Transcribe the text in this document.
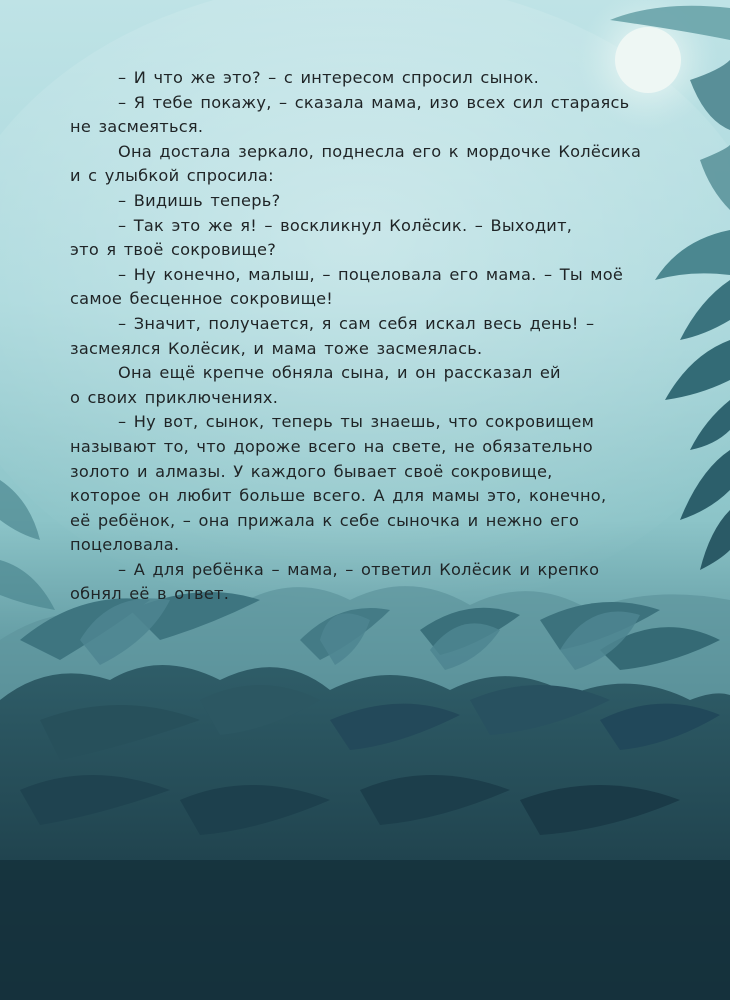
– И что же это? – с интересом спросил сынок.
– Я тебе покажу, – сказала мама, изо всех сил стараясь
не засмеяться.
Она достала зеркало, поднесла его к мордочке Колёсика
и с улыбкой спросила:
– Видишь теперь?
– Так это же я! – воскликнул Колёсик. – Выходит,
это я твоё сокровище?
– Ну конечно, малыш, – поцеловала его мама. – Ты моё
самое бесценное сокровище!
– Значит, получается, я сам себя искал весь день! –
засмеялся Колёсик, и мама тоже засмеялась.
Она ещё крепче обняла сына, и он рассказал ей
о своих приключениях.
– Ну вот, сынок, теперь ты знаешь, что сокровищем
называют то, что дороже всего на свете, не обязательно
золото и алмазы. У каждого бывает своё сокровище,
которое он любит больше всего. А для мамы это, конечно,
её ребёнок, – она прижала к себе сыночка и нежно его
поцеловала.
– А для ребёнка – мама, – ответил Колёсик и крепко
обнял её в ответ.
